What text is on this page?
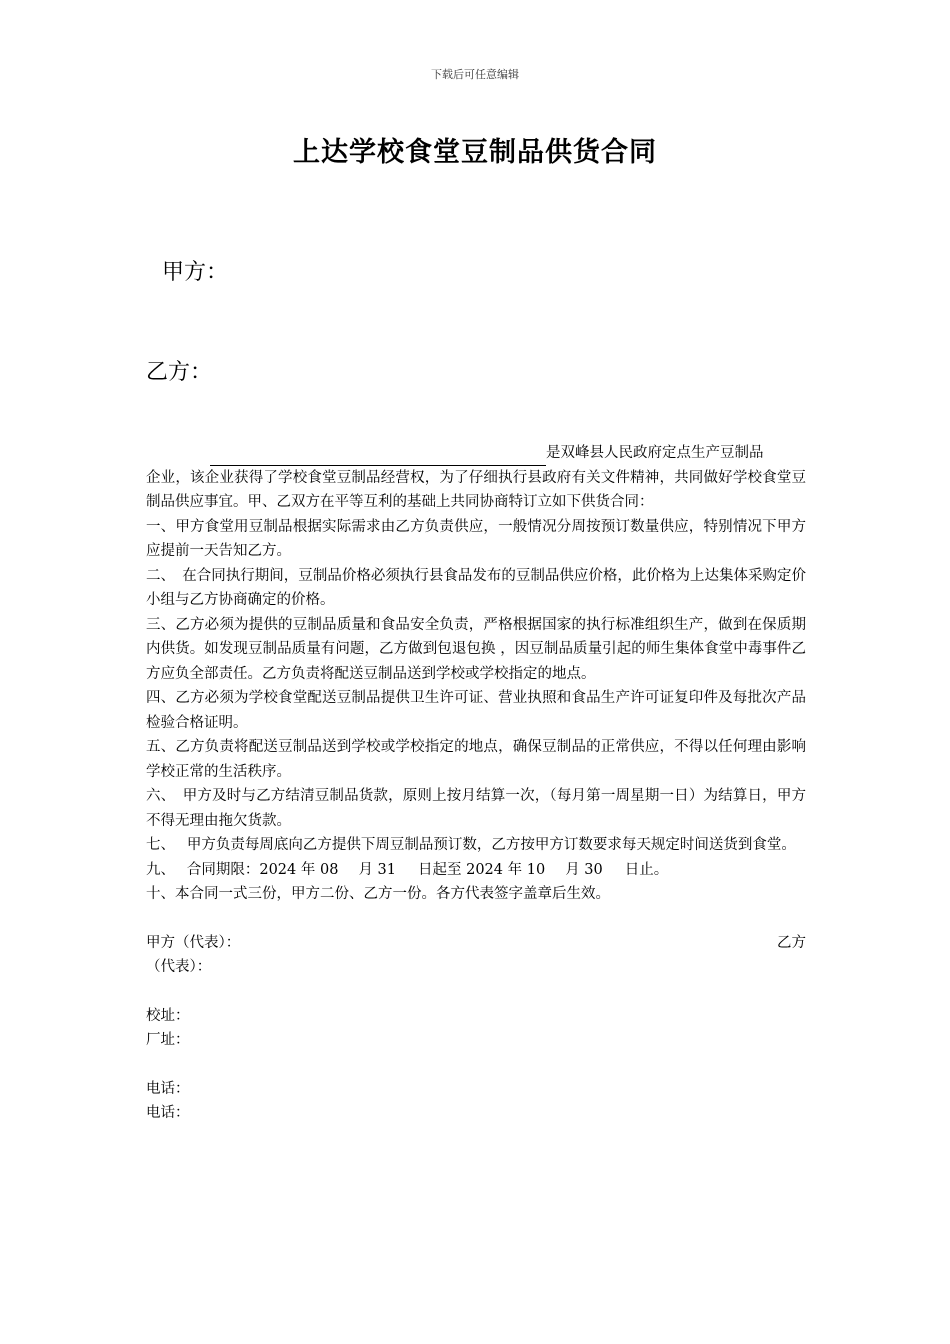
下载后可任意编辑
上达学校食堂豆制品供货合同
甲方：
乙方：

是双峰县人民政府定点生产豆制品

企业，该企业获得了学校食堂豆制品经营权，为了仔细执行县政府有关文件精神，共同做好学校食堂豆制品供应事宜。甲、乙双方在平等互利的基础上共同协商特订立如下供货合同：

一、甲方食堂用豆制品根据实际需求由乙方负责供应，一般情况分周按预订数量供应，特别情况下甲方应提前一天告知乙方。

二、　在合同执行期间，豆制品价格必须执行县食品发布的豆制品供应价格，此价格为上达集体采购定价小组与乙方协商确定的价格。

三、乙方必须为提供的豆制品质量和食品安全负责，严格根据国家的执行标准组织生产，做到在保质期内供货。如发现豆制品质量有问题，乙方做到包退包换 ，因豆制品质量引起的师生集体食堂中毒事件乙方应负全部责任。乙方负责将配送豆制品送到学校或学校指定的地点。

四、乙方必须为学校食堂配送豆制品提供卫生许可证、营业执照和食品生产许可证复印件及每批次产品检验合格证明。

五、乙方负责将配送豆制品送到学校或学校指定的地点，确保豆制品的正常供应，不得以任何理由影响学校正常的生活秩序。

六、　甲方及时与乙方结清豆制品货款，原则上按月结算一次，（每月第一周星期一日）为结算日，甲方不得无理由拖欠货款。

七、　 甲方负责每周底向乙方提供下周豆制品预订数，乙方按甲方订数要求每天规定时间送货到食堂。

九、　 合同期限：2024 年 08 月 31 日起至 2024 年 10 月 30 日止。

十、本合同一式三份，甲方二份、乙方一份。各方代表签字盖章后生效。

甲方（代表）：	乙方

（代表）：

校址：

厂址：

电话：

电话：
